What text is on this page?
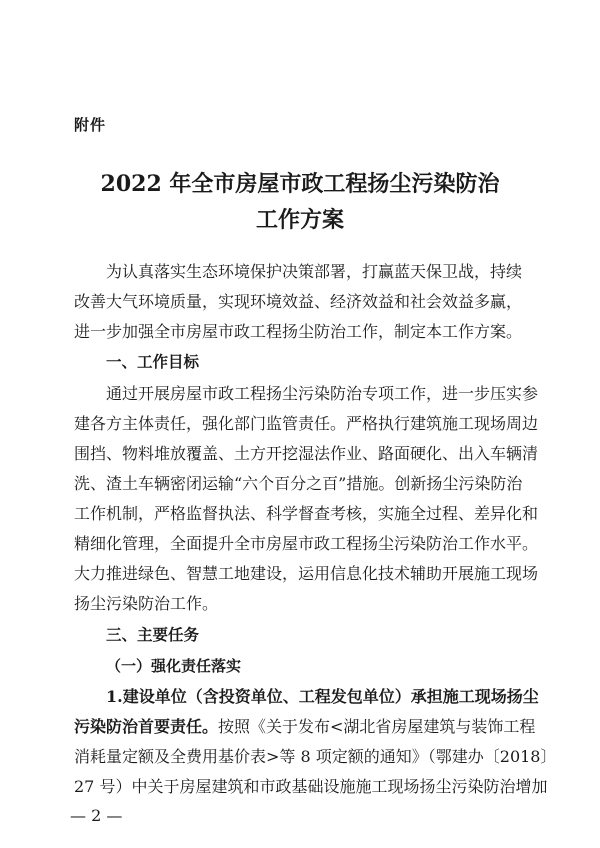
附件

2022 年全市房屋市政工程扬尘污染防治
工作方案

为认真落实生态环境保护决策部署，打赢蓝天保卫战，持续

改善大气环境质量，实现环境效益、经济效益和社会效益多赢，

进一步加强全市房屋市政工程扬尘防治工作，制定本工作方案。

一、工作目标

通过开展房屋市政工程扬尘污染防治专项工作，进一步压实参

建各方主体责任，强化部门监管责任。严格执行建筑施工现场周边

围挡、物料堆放覆盖、土方开挖湿法作业、路面硬化、出入车辆清

洗、渣土车辆密闭运输“六个百分之百”措施。创新扬尘污染防治

工作机制，严格监督执法、科学督查考核，实施全过程、差异化和

精细化管理，全面提升全市房屋市政工程扬尘污染防治工作水平。

大力推进绿色、智慧工地建设，运用信息化技术辅助开展施工现场

扬尘污染防治工作。

三、主要任务

（一）强化责任落实

1.建设单位（含投资单位、工程发包单位）承担施工现场扬尘

污染防治首要责任。按照《关于发布<湖北省房屋建筑与装饰工程

消耗量定额及全费用基价表>等 8 项定额的通知》（鄂建办〔2018〕

27 号）中关于房屋建筑和市政基础设施施工现场扬尘污染防治增加

— 2 —
